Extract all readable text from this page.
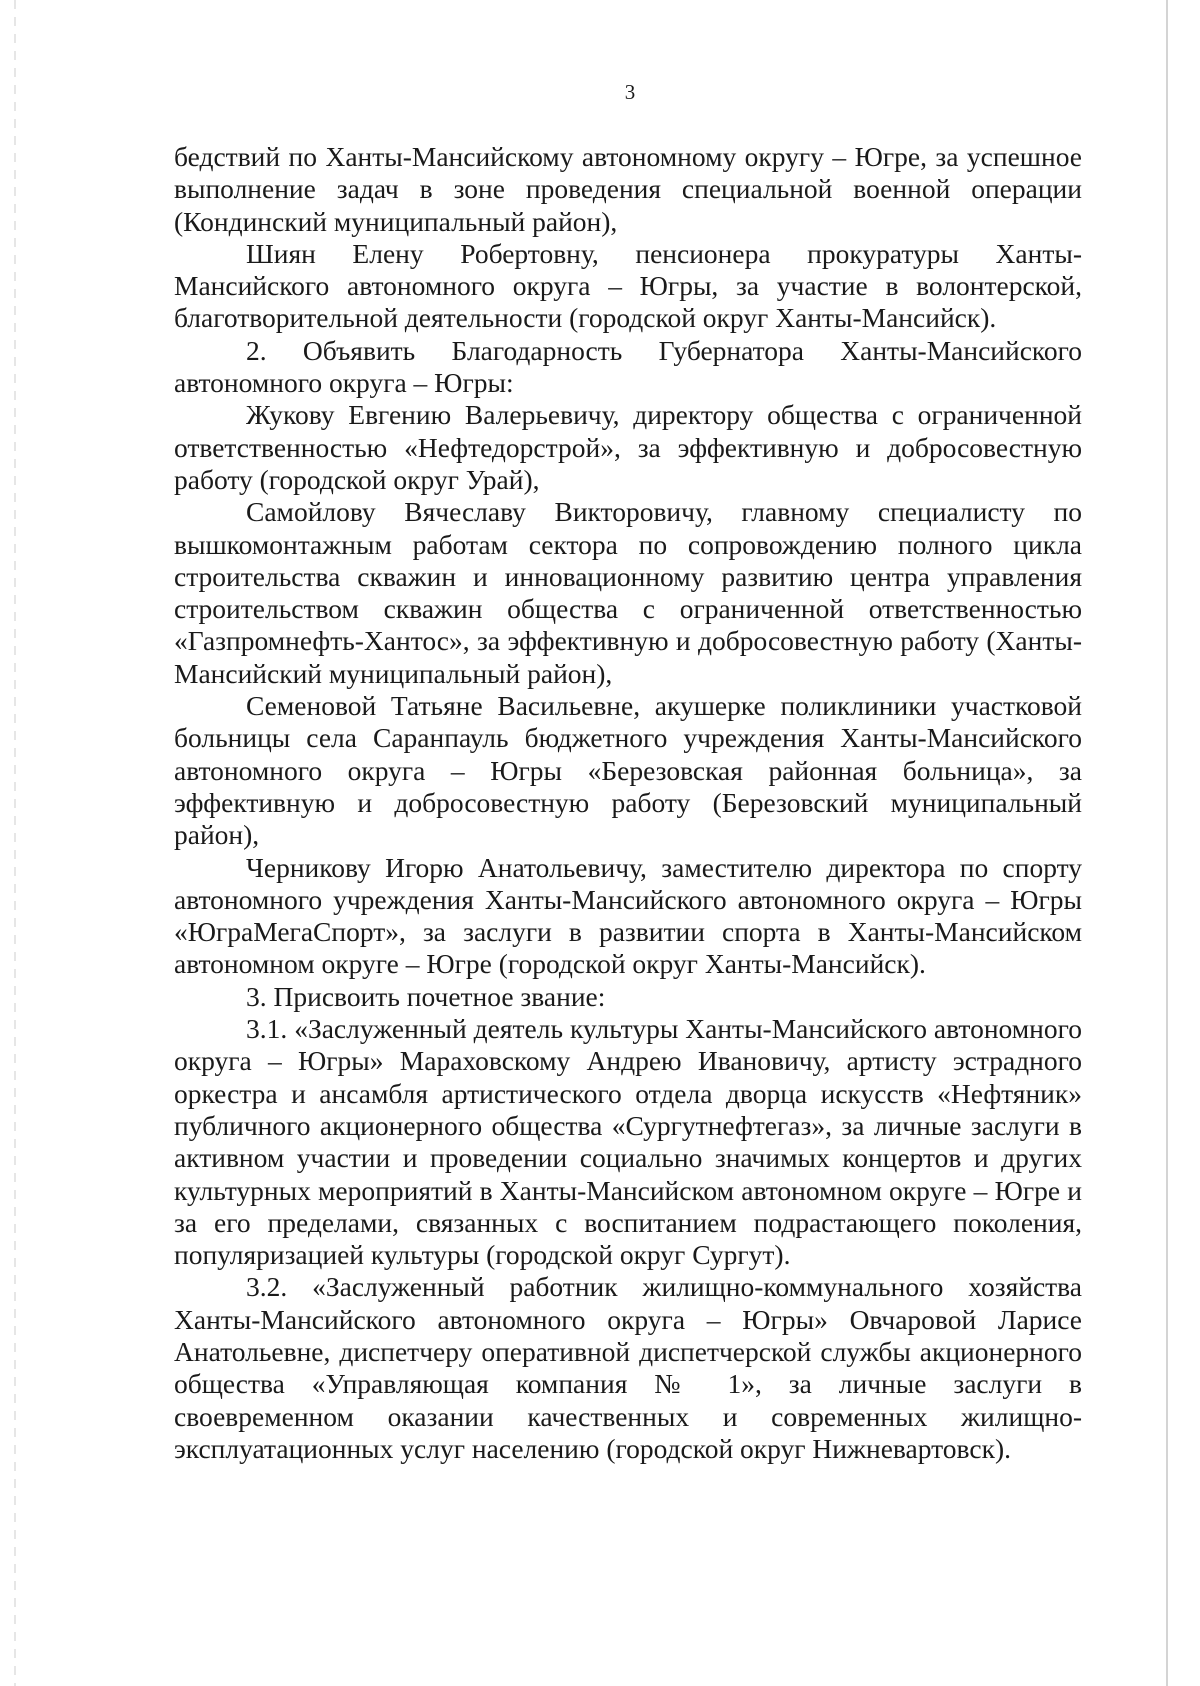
3

бедствий по Ханты-Мансийскому автономному округу – Югре, за успешное выполнение задач в зоне проведения специальной военной операции (Кондинский муниципальный район),

Шиян Елену Робертовну, пенсионера прокуратуры Ханты-Мансийского автономного округа – Югры, за участие в волонтерской, благотворительной деятельности (городской округ Ханты-Мансийск).

2. Объявить Благодарность Губернатора Ханты-Мансийского автономного округа – Югры:

Жукову Евгению Валерьевичу, директору общества с ограниченной ответственностью «Нефтедорстрой», за эффективную и добросовестную работу (городской округ Урай),

Самойлову Вячеславу Викторовичу, главному специалисту по вышкомонтажным работам сектора по сопровождению полного цикла строительства скважин и инновационному развитию центра управления строительством скважин общества с ограниченной ответственностью «Газпромнефть-Хантос», за эффективную и добросовестную работу (Ханты-Мансийский муниципальный район),

Семеновой Татьяне Васильевне, акушерке поликлиники участковой больницы села Саранпауль бюджетного учреждения Ханты-Мансийского автономного округа – Югры «Березовская районная больница», за эффективную и добросовестную работу (Березовский муниципальный район),

Черникову Игорю Анатольевичу, заместителю директора по спорту автономного учреждения Ханты-Мансийского автономного округа – Югры «ЮграМегаСпорт», за заслуги в развитии спорта в Ханты-Мансийском автономном округе – Югре (городской округ Ханты-Мансийск).

3. Присвоить почетное звание:

3.1. «Заслуженный деятель культуры Ханты-Мансийского автономного округа – Югры» Мараховскому Андрею Ивановичу, артисту эстрадного оркестра и ансамбля артистического отдела дворца искусств «Нефтяник» публичного акционерного общества «Сургутнефтегаз», за личные заслуги в активном участии и проведении социально значимых концертов и других культурных мероприятий в Ханты-Мансийском автономном округе – Югре и за его пределами, связанных с воспитанием подрастающего поколения, популяризацией культуры (городской округ Сургут).

3.2. «Заслуженный работник жилищно-коммунального хозяйства Ханты-Мансийского автономного округа – Югры» Овчаровой Ларисе Анатольевне, диспетчеру оперативной диспетчерской службы акционерного общества «Управляющая компания № 1», за личные заслуги в своевременном оказании качественных и современных жилищно-эксплуатационных услуг населению (городской округ Нижневартовск).
